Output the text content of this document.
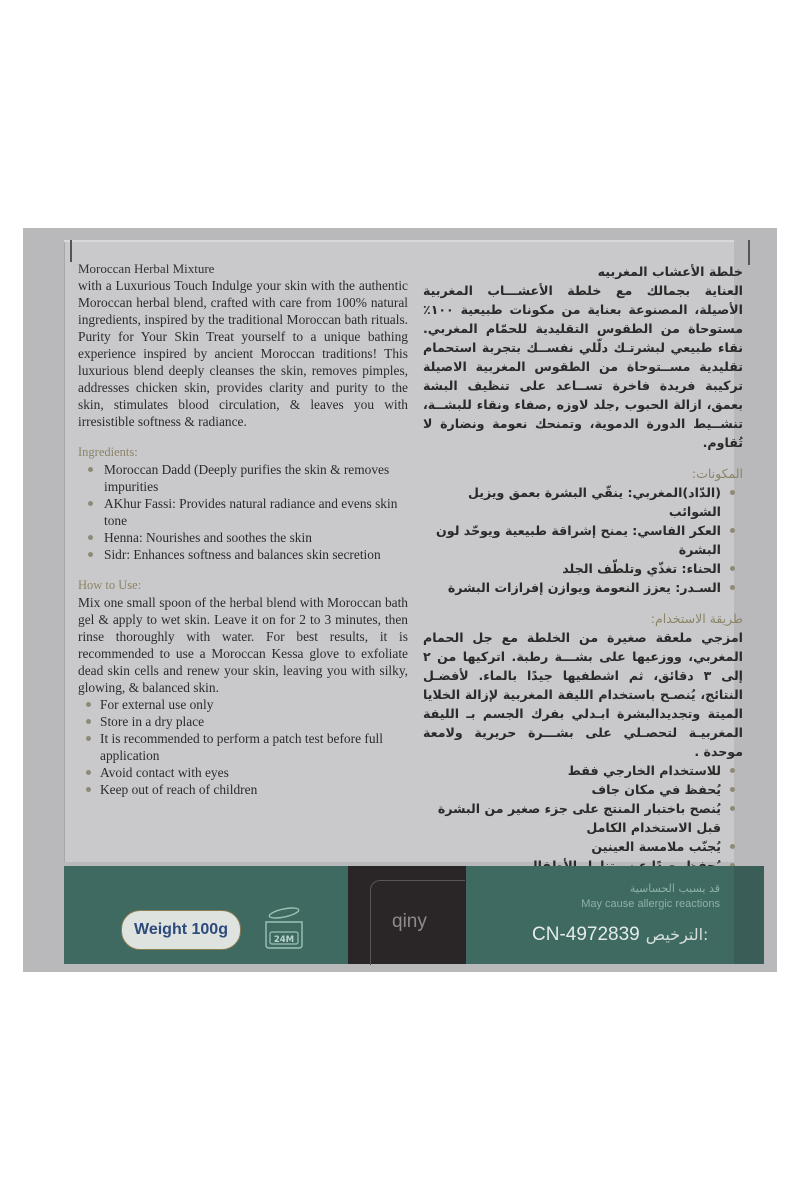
Moroccan Herbal Mixture

with a Luxurious Touch Indulge your skin with the authentic Moroccan herbal blend, crafted with care from 100% natural ingredients, inspired by the traditional Moroccan bath rituals. Purity for Your Skin Treat yourself to a unique bathing experience inspired by ancient Moroccan traditions! This luxurious blend deeply cleanses the skin, removes pimples, addresses chicken skin, provides clarity and purity to the skin, stimulates blood circulation, & leaves you with irresistible softness & radiance.

Ingredients:

Moroccan Dadd (Deeply purifies the skin & removes impurities
AKhur Fassi: Provides natural radiance and evens skin tone
Henna: Nourishes and soothes the skin
Sidr: Enhances softness and balances skin secretion

How to Use:

Mix one small spoon of the herbal blend with Moroccan bath gel & apply to wet skin. Leave it on for 2 to 3 minutes, then rinse thoroughly with water. For best results, it is recommended to use a Moroccan Kessa glove to exfoliate dead skin cells and renew your skin, leaving you with silky, glowing, & balanced skin.

For external use only
Store in a dry place
It is recommended to perform a patch test before full application
Avoid contact with eyes
Keep out of reach of children

خلطة الأعشاب المغربيه

العناية بجمالك مع خلطة الأعشـــاب المغربية الأصيلة، المصنوعة بعناية من مكونات طبيعية ١٠٠٪ مستوحاة من الطقوس التقليدية للحمّام المغربي. نقاء طبيعي لبشرتـك دلّلي نفســك بتجربة استحمام تقليدية مســتوحاة من الطقوس المغربية الاصيلة تركيبة فريدة فاخرة تســاعد على تنظيف البشة بعمق، ازالة الحبوب ,جلد لاوزه ,صفاء ونقاء للبشــة، تنشــيط الدورة الدموية، وتمنحك نعومة ونضارة لا تُقاوم.

المكونات:

(الدّاد)المغربي: ينقّي البشرة بعمق ويزيل الشوائب
العكر الفاسي: يمنح إشراقة طبيعية ويوحّد لون البشرة
الحناء: تغذّي وتلطّف الجلد
السـدر: يعزز النعومة ويوازن إفرازات البشرة

طريقة الاستخدام:

امزجي ملعقة صغيرة من الخلطة مع جل الحمام المغربي، ووزعيها على بشـــة رطبة. اتركيها من ٢ إلى ٣ دقائق، ثم اشطفيها جيدًا بالماء. لأفضـل النتائج، يُنصـح باستخدام الليفة المغربية لإزالة الخلايا الميتة وتجديدالبشرة ابـدلي بفرك الجسم بـ الليفة المغربيـة لتحصـلي على بشـــرة حريرية ولامعة موحدة .

للاستخدام الخارجي فقط
يُحفظ في مكان جاف
يُنصح باختبار المنتج على جزء صغير من البشرة قبل الاستخدام الكامل
يُجنّب ملامسة العينين
Weight 100g
24M
qiny
قد يسبب الحساسية
May cause allergic reactions
CN-4972839 الترخيص:
